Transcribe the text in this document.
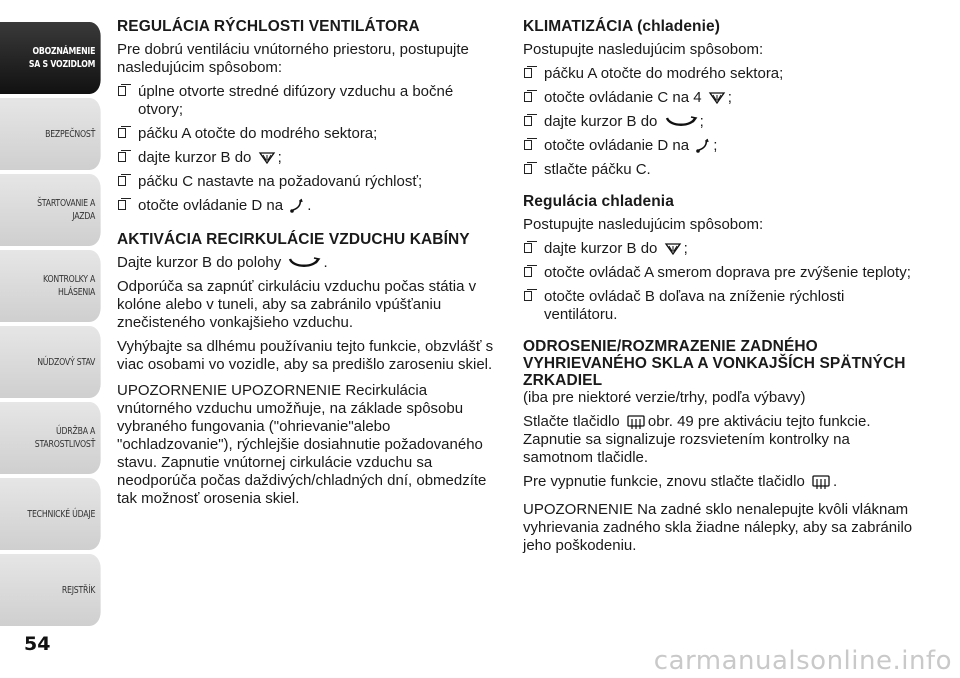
OBOZNÁMENIE
SA S VOZIDLOM
BEZPEČNOSŤ
ŠTARTOVANIE A
JAZDA
KONTROLKY A
HLÁSENIA
NÚDZOVÝ STAV
ÚDRŽBA A
STAROSTLIVOSŤ
TECHNICKÉ ÚDAJE
REJSTŘÍK
54
REGULÁCIA RÝCHLOSTI VENTILÁTORA
Pre dobrú ventiláciu vnútorného priestoru, postupujte nasledujúcim spôsobom:
úplne otvorte stredné difúzory vzduchu a bočné otvory;
páčku A otočte do modrého sektora;
dajte kurzor B do ;
páčku C nastavte na požadovanú rýchlosť;
otočte ovládanie D na .
AKTIVÁCIA RECIRKULÁCIE VZDUCHU KABÍNY
Dajte kurzor B do polohy	.
Odporúča sa zapnúť cirkuláciu vzduchu počas státia v kolóne alebo v tuneli, aby sa zabránilo vpúšťaniu znečisteného vonkajšieho vzduchu.
Vyhýbajte sa dlhému používaniu tejto funkcie, obzvlášť s viac osobami vo vozidle, aby sa predišlo zaroseniu skiel.
UPOZORNENIE UPOZORNENIE Recirkulácia vnútorného vzduchu umožňuje, na základe spôsobu vybraného fungovania ("ohrievanie"alebo "ochladzovanie"), rýchlejšie dosiahnutie požadovaného stavu. Zapnutie vnútornej cirkulácie vzduchu sa neodporúča počas daždivých/chladných dní, obmedzíte tak možnosť orosenia skiel.
KLIMATIZÁCIA (chladenie)
Postupujte nasledujúcim spôsobom:
páčku A otočte do modrého sektora;
otočte ovládanie C na 4 ;
dajte kurzor B do	;
otočte ovládanie D na ;
stlačte páčku C.
Regulácia chladenia
Postupujte nasledujúcim spôsobom:
dajte kurzor B do ;
otočte ovládač A smerom doprava pre zvýšenie teploty;
otočte ovládač B doľava na zníženie rýchlosti ventilátoru.
ODROSENIE/ROZMRAZENIE ZADNÉHO VYHRIEVANÉHO SKLA A VONKAJŠÍCH SPÄTNÝCH ZRKADIEL
(iba pre niektoré verzie/trhy, podľa výbavy)
Stlačte tlačidlo obr. 49 pre aktiváciu tejto funkcie. Zapnutie sa signalizuje rozsvietením kontrolky na samotnom tlačidle.
Pre vypnutie funkcie, znovu stlačte tlačidlo .
UPOZORNENIE Na zadné sklo nenalepujte kvôli vláknam vyhrievania zadného skla žiadne nálepky, aby sa zabránilo jeho poškodeniu.
carmanualsonline.info
